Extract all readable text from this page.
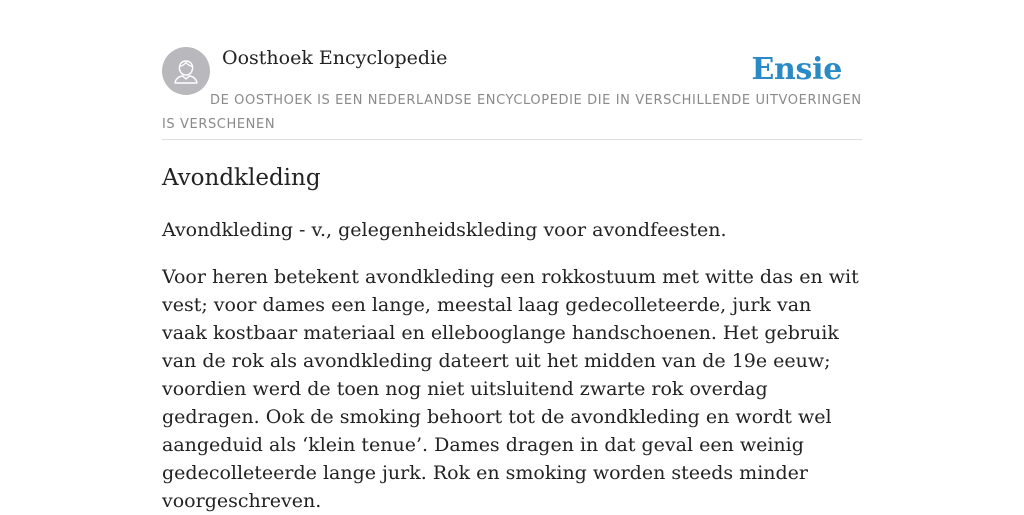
Oosthoek Encyclopedie	Ensie
DE OOSTHOEK IS EEN NEDERLANDSE ENCYCLOPEDIE DIE IN VERSCHILLENDE UITVOERINGEN IS VERSCHENEN
Avondkleding

Avondkleding - v., gelegenheidskleding voor avondfeesten.

Voor heren betekent avondkleding een rokkostuum met witte das en wit vest; voor dames een lange, meestal laag gedecolleteerde, jurk van vaak kostbaar materiaal en ellebooglange handschoenen. Het gebruik van de rok als avondkleding dateert uit het midden van de 19e eeuw; voordien werd de toen nog niet uitsluitend zwarte rok overdag gedragen. Ook de smoking behoort tot de avondkleding en wordt wel aangeduid als ‘klein tenue’. Dames dragen in dat geval een weinig gedecolleteerde lange jurk. Rok en smoking worden steeds minder voorgeschreven.
